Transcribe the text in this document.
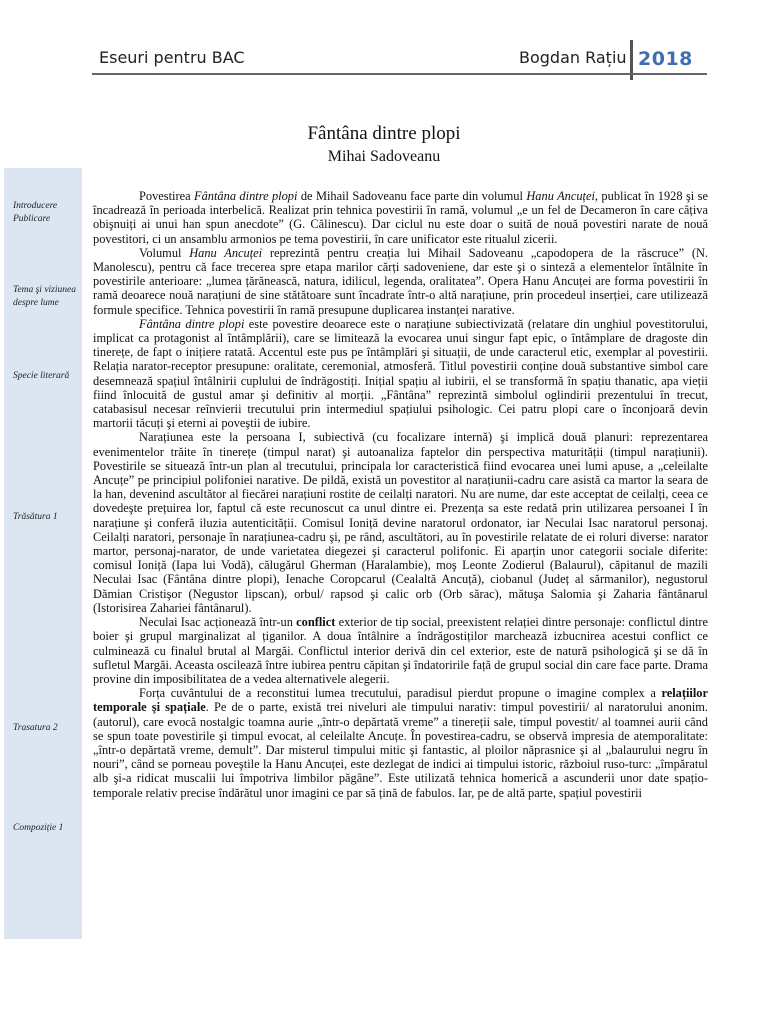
Eseuri pentru BAC	Bogdan Rațiu 2018
Fântâna dintre plopi
Mihai Sadoveanu
Introducere Publicare
Tema şi viziunea despre lume
Specie literară
Trăsătura 1
Trasatura 2
Compoziție 1

Povestirea Fântâna dintre plopi de Mihail Sadoveanu face parte din volumul Hanu Ancuței, publicat în 1928 şi se încadrează în perioada interbelică. Realizat prin tehnica povestirii în ramă, volumul „e un fel de Decameron în care câțiva obişnuiți ai unui han spun anecdote” (G. Călinescu). Dar ciclul nu este doar o suită de nouă povestiri narate de nouă povestitori, ci un ansamblu armonios pe tema povestirii, în care unificator este ritualul zicerii.

Volumul Hanu Ancuței reprezintă pentru creația lui Mihail Sadoveanu „capodopera de la răscruce” (N. Manolescu), pentru că face trecerea spre etapa marilor cărți sadoveniene, dar este şi o sinteză a elementelor întâlnite în povestirile anterioare: „lumea țărănească, natura, idilicul, legenda, oralitatea”. Opera Hanu Ancuței are forma povestirii în ramă deoarece nouă narațiuni de sine stătătoare sunt încadrate într-o altă narațiune, prin procedeul inserției, care utilizează formule specifice. Tehnica povestirii în ramă presupune duplicarea instanței narative.

Fântâna dintre plopi este povestire deoarece este o narațiune subiectivizată (relatare din unghiul povestitorului, implicat ca protagonist al întâmplării), care se limitează la evocarea unui singur fapt epic, o întâmplare de dragoste din tinerețe, de fapt o inițiere ratată. Accentul este pus pe întâmplări şi situații, de unde caracterul etic, exemplar al povestirii. Relația narator-receptor presupune: oralitate, ceremonial, atmosferă. Titlul povestirii conține două substantive simbol care desemnează spațiul întâlnirii cuplului de îndrăgostiți. Inițial spațiu al iubirii, el se transformă în spațiu thanatic, apa vieții fiind înlocuită de gustul amar şi definitiv al morții. „Fântâna” reprezintă simbolul oglindirii prezentului în trecut, catabasisul necesar reînvierii trecutului prin intermediul spațiului psihologic. Cei patru plopi care o înconjoară devin martorii tăcuți şi eterni ai poveştii de iubire.

Narațiunea este la persoana I, subiectivă (cu focalizare internă) şi implică două planuri: reprezentarea evenimentelor trăite în tinerețe (timpul narat) şi autoanaliza faptelor din perspectiva maturității (timpul narațiunii). Povestirile se situează într-un plan al trecutului, principala lor caracteristică fiind evocarea unei lumi apuse, a „celeilalte Ancuțe” pe principiul polifoniei narative. De pildă, există un povestitor al narațiunii-cadru care asistă ca martor la seara de la han, devenind ascultător al fiecărei narațiuni rostite de ceilalți naratori. Nu are nume, dar este acceptat de ceilalți, ceea ce dovedeşte prețuirea lor, faptul că este recunoscut ca unul dintre ei. Prezența sa este redată prin utilizarea persoanei I în narațiune şi conferă iluzia autenticității. Comisul Ioniță devine naratorul ordonator, iar Neculai Isac naratorul personaj. Ceilalți naratori, personaje în narațiunea-cadru şi, pe rând, ascultători, au în povestirile relatate de ei roluri diverse: narator martor, personaj-narator, de unde varietatea diegezei şi caracterul polifonic. Ei aparțin unor categorii sociale diferite: comisul Ioniță (Iapa lui Vodă), călugărul Gherman (Haralambie), moş Leonte Zodierul (Balaurul), căpitanul de mazili Neculai Isac (Fântâna dintre plopi), Ienache Coropcarul (Cealaltă Ancuță), ciobanul (Județ al sărmanilor), negustorul Dămian Cristişor (Negustor lipscan), orbul/ rapsod şi calic orb (Orb sărac), mătuşa Salomia şi Zaharia fântânarul (Istorisirea Zahariei fântânarul).

Neculai Isac acționează într-un conflict exterior de tip social, preexistent relației dintre personaje: conflictul dintre boier şi grupul marginalizat al țiganilor. A doua întâlnire a îndrăgostiților marchează izbucnirea acestui conflict ce culminează cu finalul brutal al Margăi. Conflictul interior derivă din cel exterior, este de natură psihologică şi se dă în sufletul Margăi. Aceasta oscilează între iubirea pentru căpitan şi îndatoririle față de grupul social din care face parte. Drama provine din imposibilitatea de a vedea alternativele alegerii.

Forța cuvântului de a reconstitui lumea trecutului, paradisul pierdut propune o imagine complex a relațiilor temporale şi spațiale. Pe de o parte, există trei niveluri ale timpului narativ: timpul povestirii/ al naratorului anonim. (autorul), care evocă nostalgic toamna aurie „într-o depărtată vreme” a tinereții sale, timpul povestit/ al toamnei aurii când se spun toate povestirile şi timpul evocat, al celeilalte Ancuțe. În povestirea-cadru, se observă impresia de atemporalitate: „într-o depărtată vreme, demult”. Dar misterul timpului mitic şi fantastic, al ploilor năprasnice şi al „balaurului negru în nouri”, când se porneau poveştile la Hanu Ancuței, este dezlegat de indici ai timpului istoric, războiul ruso-turc: „împăratul alb şi-a ridicat muscalii lui împotriva limbilor păgâne”. Este utilizată tehnica homerică a ascunderii unor date spațio-temporale relativ precise îndărătul unor imagini ce par să țină de fabulos. Iar, pe de altă parte, spațiul povestirii
